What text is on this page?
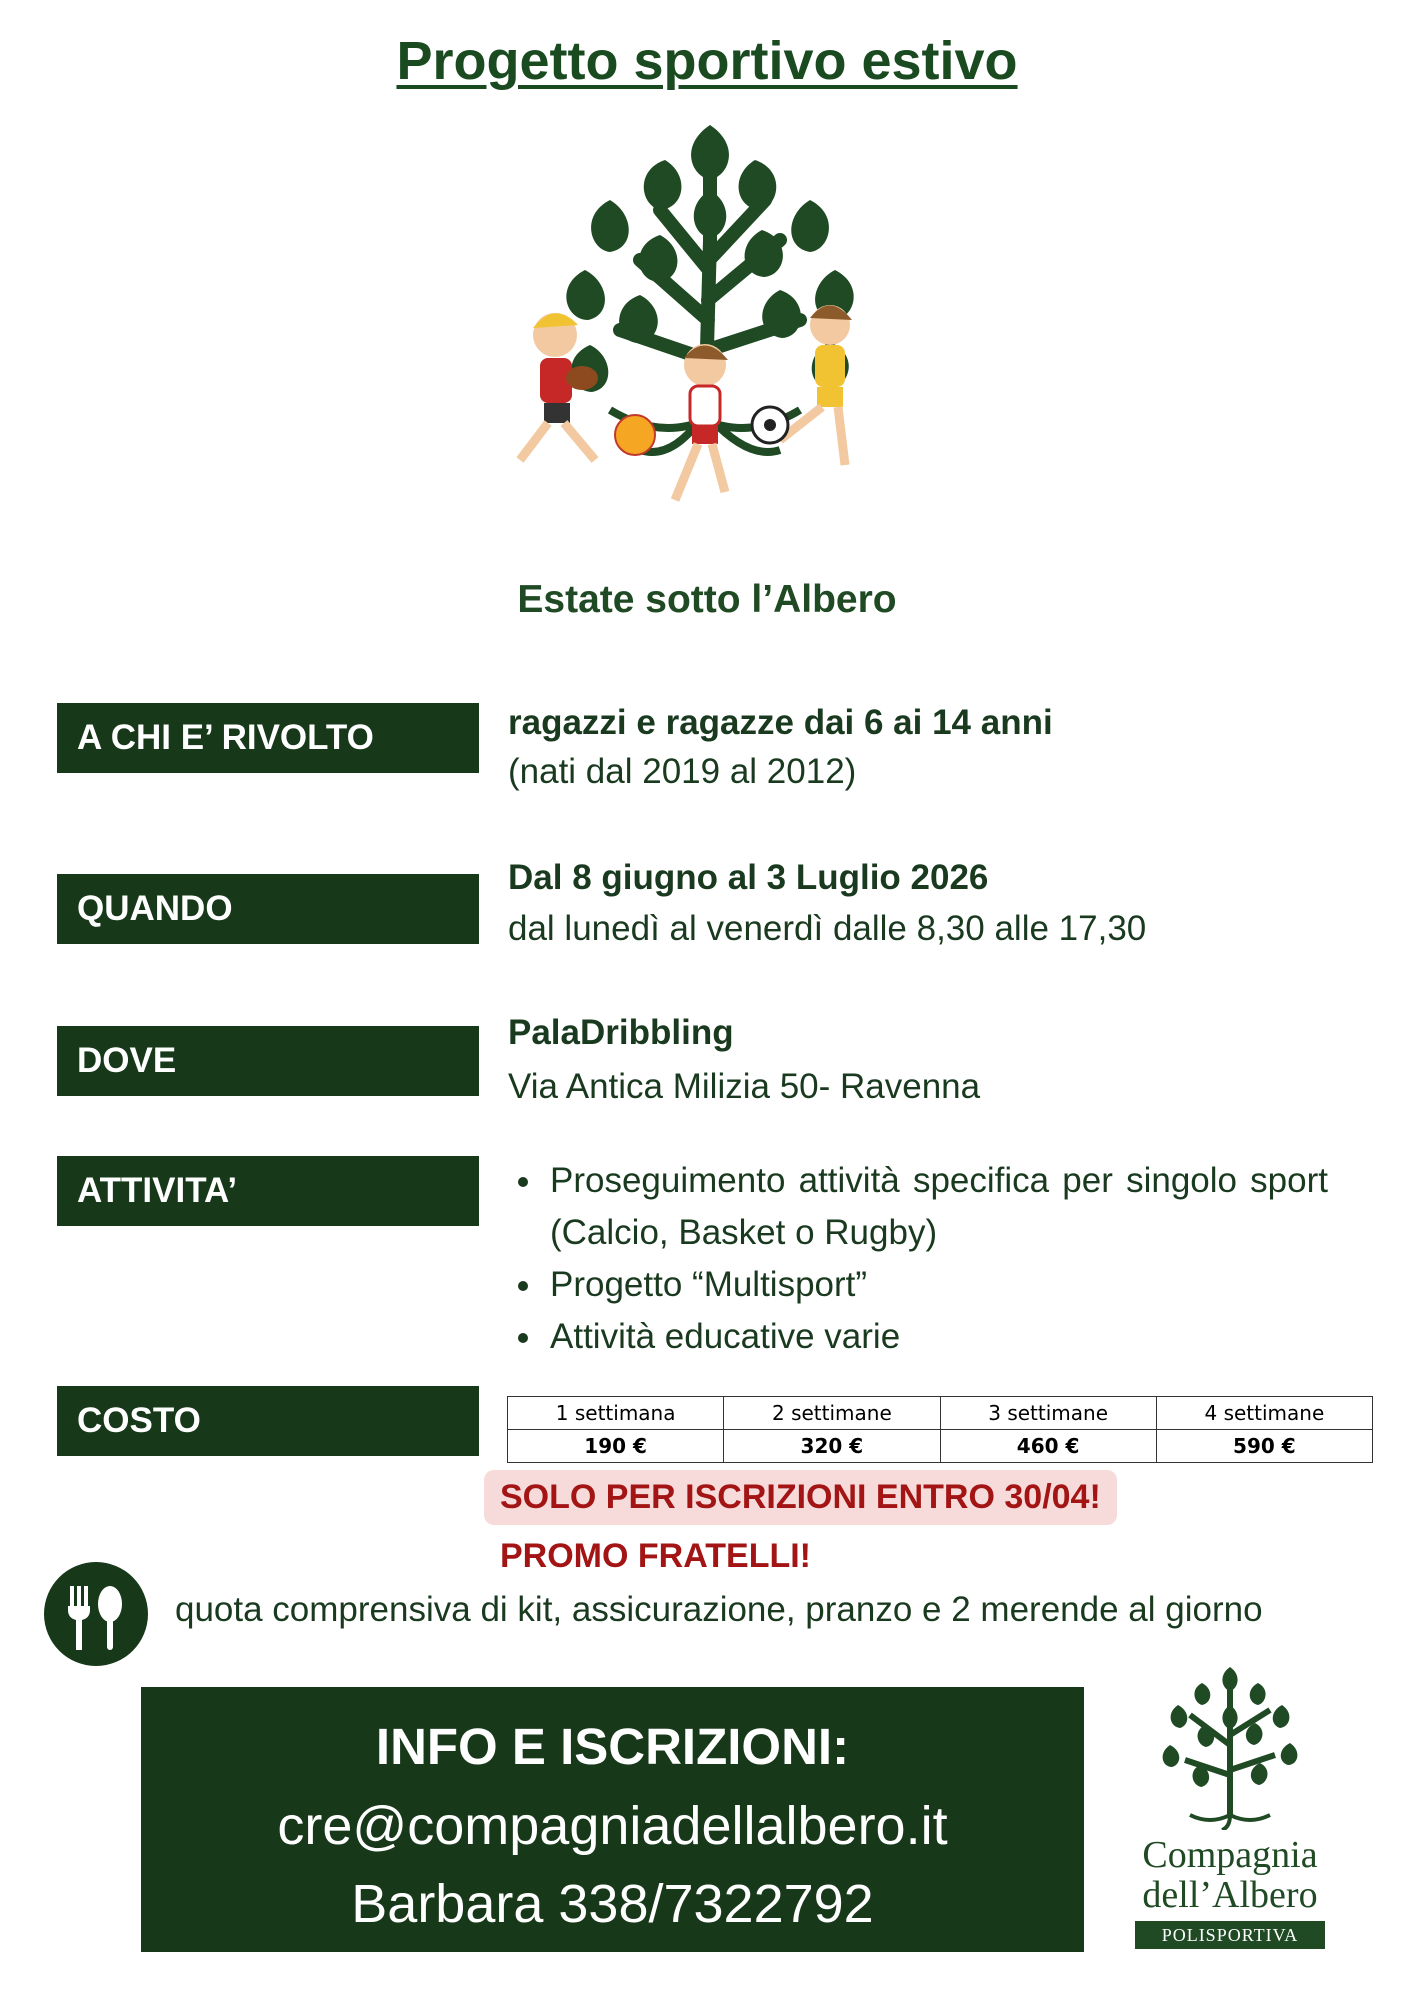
Progetto sportivo estivo
Estate sotto l’Albero
A CHI E’ RIVOLTO	ragazzi e ragazze dai 6 ai 14 anni
(nati dal 2019 al 2012)
QUANDO
Dal 8 giugno al 3 Luglio 2026
dal lunedì al venerdì dalle 8,30 alle 17,30
DOVE
PalaDribbling
Via Antica Milizia 50- Ravenna
ATTIVITA’	Proseguimento attività specifica per singolo sport (Calcio, Basket o Rugby)
Progetto “Multisport”
Attività educative varie
COSTO	1 settimana	2 settimane	3 settimane	4 settimane
190 €	320 €	460 €	590 €
SOLO PER ISCRIZIONI ENTRO 30/04!
PROMO FRATELLI!
quota comprensiva di kit, assicurazione, pranzo e 2 merende al giorno
INFO E ISCRIZIONI:
cre@compagniadellalbero.it
Barbara 338/7322792
Compagnia
dell’Albero
POLISPORTIVA
